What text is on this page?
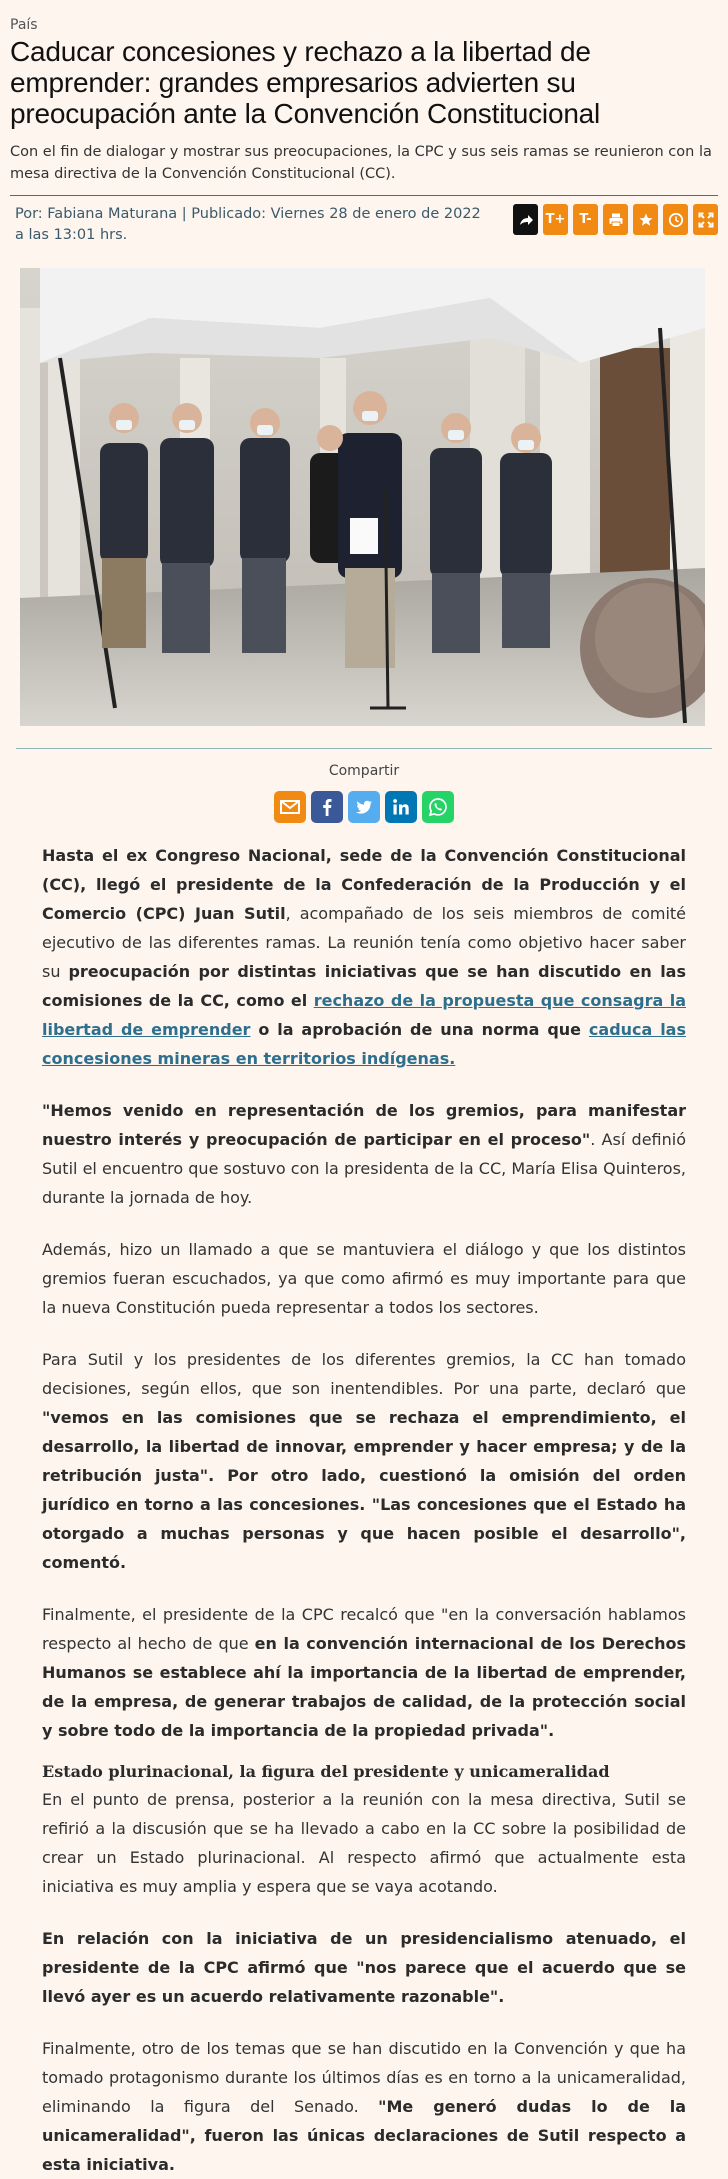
País
Caducar concesiones y rechazo a la libertad de emprender: grandes empresarios advierten su preocupación ante la Convención Constitucional

Con el fin de dialogar y mostrar sus preocupaciones, la CPC y sus seis ramas se reunieron con la mesa directiva de la Convención Constitucional (CC).

Por: Fabiana Maturana | Publicado: Viernes 28 de enero de 2022 a las 13:01 hrs.
T+	T-
Compartir

Hasta el ex Congreso Nacional, sede de la Convención Constitucional (CC), llegó el presidente de la Confederación de la Producción y el Comercio (CPC) Juan Sutil, acompañado de los seis miembros de comité ejecutivo de las diferentes ramas. La reunión tenía como objetivo hacer saber su preocupación por distintas iniciativas que se han discutido en las comisiones de la CC, como el rechazo de la propuesta que consagra la libertad de emprender o la aprobación de una norma que caduca las concesiones mineras en territorios indígenas.

"Hemos venido en representación de los gremios, para manifestar nuestro interés y preocupación de participar en el proceso". Así definió Sutil el encuentro que sostuvo con la presidenta de la CC, María Elisa Quinteros, durante la jornada de hoy.

Además, hizo un llamado a que se mantuviera el diálogo y que los distintos gremios fueran escuchados, ya que como afirmó es muy importante para que la nueva Constitución pueda representar a todos los sectores.

Para Sutil y los presidentes de los diferentes gremios, la CC han tomado decisiones, según ellos, que son inentendibles. Por una parte, declaró que "vemos en las comisiones que se rechaza el emprendimiento, el desarrollo, la libertad de innovar, emprender y hacer empresa; y de la retribución justa". Por otro lado, cuestionó la omisión del orden jurídico en torno a las concesiones. "Las concesiones que el Estado ha otorgado a muchas personas y que hacen posible el desarrollo", comentó.

Finalmente, el presidente de la CPC recalcó que "en la conversación hablamos respecto al hecho de que en la convención internacional de los Derechos Humanos se establece ahí la importancia de la libertad de emprender, de la empresa, de generar trabajos de calidad, de la protección social y sobre todo de la importancia de la propiedad privada".

Estado plurinacional, la figura del presidente y unicameralidad

En el punto de prensa, posterior a la reunión con la mesa directiva, Sutil se refirió a la discusión que se ha llevado a cabo en la CC sobre la posibilidad de crear un Estado plurinacional. Al respecto afirmó que actualmente esta iniciativa es muy amplia y espera que se vaya acotando.

En relación con la iniciativa de un presidencialismo atenuado, el presidente de la CPC afirmó que "nos parece que el acuerdo que se llevó ayer es un acuerdo relativamente razonable".

Finalmente, otro de los temas que se han discutido en la Convención y que ha tomado protagonismo durante los últimos días es en torno a la unicameralidad, eliminando la figura del Senado. "Me generó dudas lo de la unicameralidad", fueron las únicas declaraciones de Sutil respecto a esta iniciativa.
